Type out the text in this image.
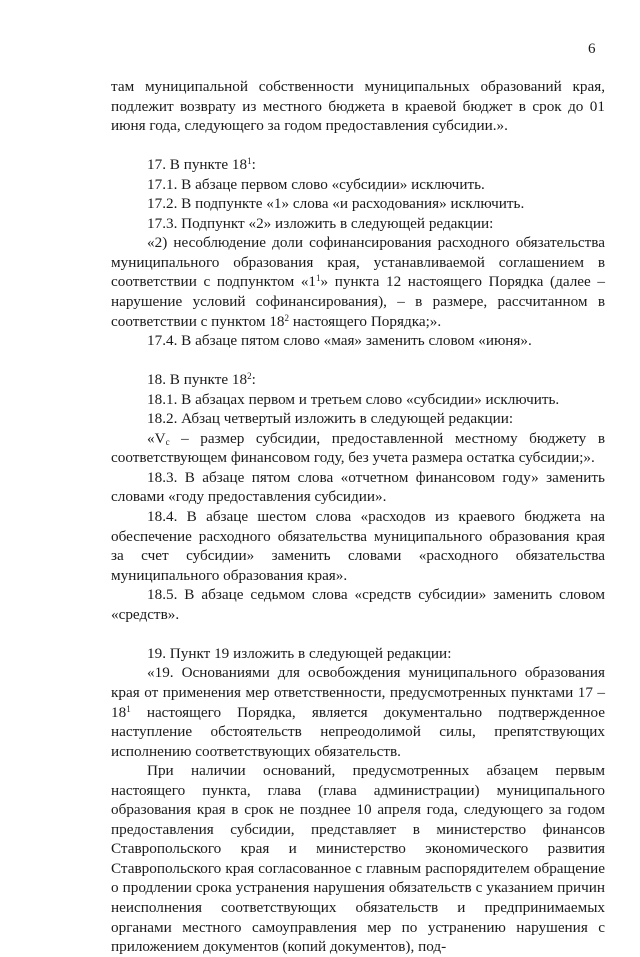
6

там муниципальной собственности муниципальных образований края, подлежит возврату из местного бюджета в краевой бюджет в срок до 01 июня года, следующего за годом предоставления субсидии.».

17. В пункте $18^1$:

17.1. В абзаце первом слово «субсидии» исключить.

17.2. В подпункте «1» слова «и расходования» исключить.

17.3. Подпункт «2» изложить в следующей редакции:

«2) несоблюдение доли софинансирования расходного обязательства муниципального образования края, устанавливаемой соглашением в соответствии с подпунктом «$1^1$» пункта 12 настоящего Порядка (далее – нарушение условий софинансирования), – в размере, рассчитанном в соответствии с пунктом $18^2$ настоящего Порядка;».

17.4. В абзаце пятом слово «мая» заменить словом «июня».

18. В пункте $18^2$:

18.1. В абзацах первом и третьем слово «субсидии» исключить.

18.2. Абзац четвертый изложить в следующей редакции:

«$V_c$ – размер субсидии, предоставленной местному бюджету в соответствующем финансовом году, без учета размера остатка субсидии;».

18.3. В абзаце пятом слова «отчетном финансовом году» заменить словами «году предоставления субсидии».

18.4. В абзаце шестом слова «расходов из краевого бюджета на обеспечение расходного обязательства муниципального образования края за счет субсидии» заменить словами «расходного обязательства муниципального образования края».

18.5. В абзаце седьмом слова «средств субсидии» заменить словом «средств».

19. Пункт 19 изложить в следующей редакции:

«19. Основаниями для освобождения муниципального образования края от применения мер ответственности, предусмотренных пунктами $17 - 18^1$ настоящего Порядка, является документально подтвержденное наступление обстоятельств непреодолимой силы, препятствующих исполнению соответствующих обязательств.

При наличии оснований, предусмотренных абзацем первым настоящего пункта, глава (глава администрации) муниципального образования края в срок не позднее 10 апреля года, следующего за годом предоставления субсидии, представляет в министерство финансов Ставропольского края и министерство экономического развития Ставропольского края согласованное с главным распорядителем обращение о продлении срока устранения нарушения обязательств с указанием причин неисполнения соответствующих обязательств и предпринимаемых органами местного самоуправления мер по устранению нарушения с приложением документов (копий документов), под-
